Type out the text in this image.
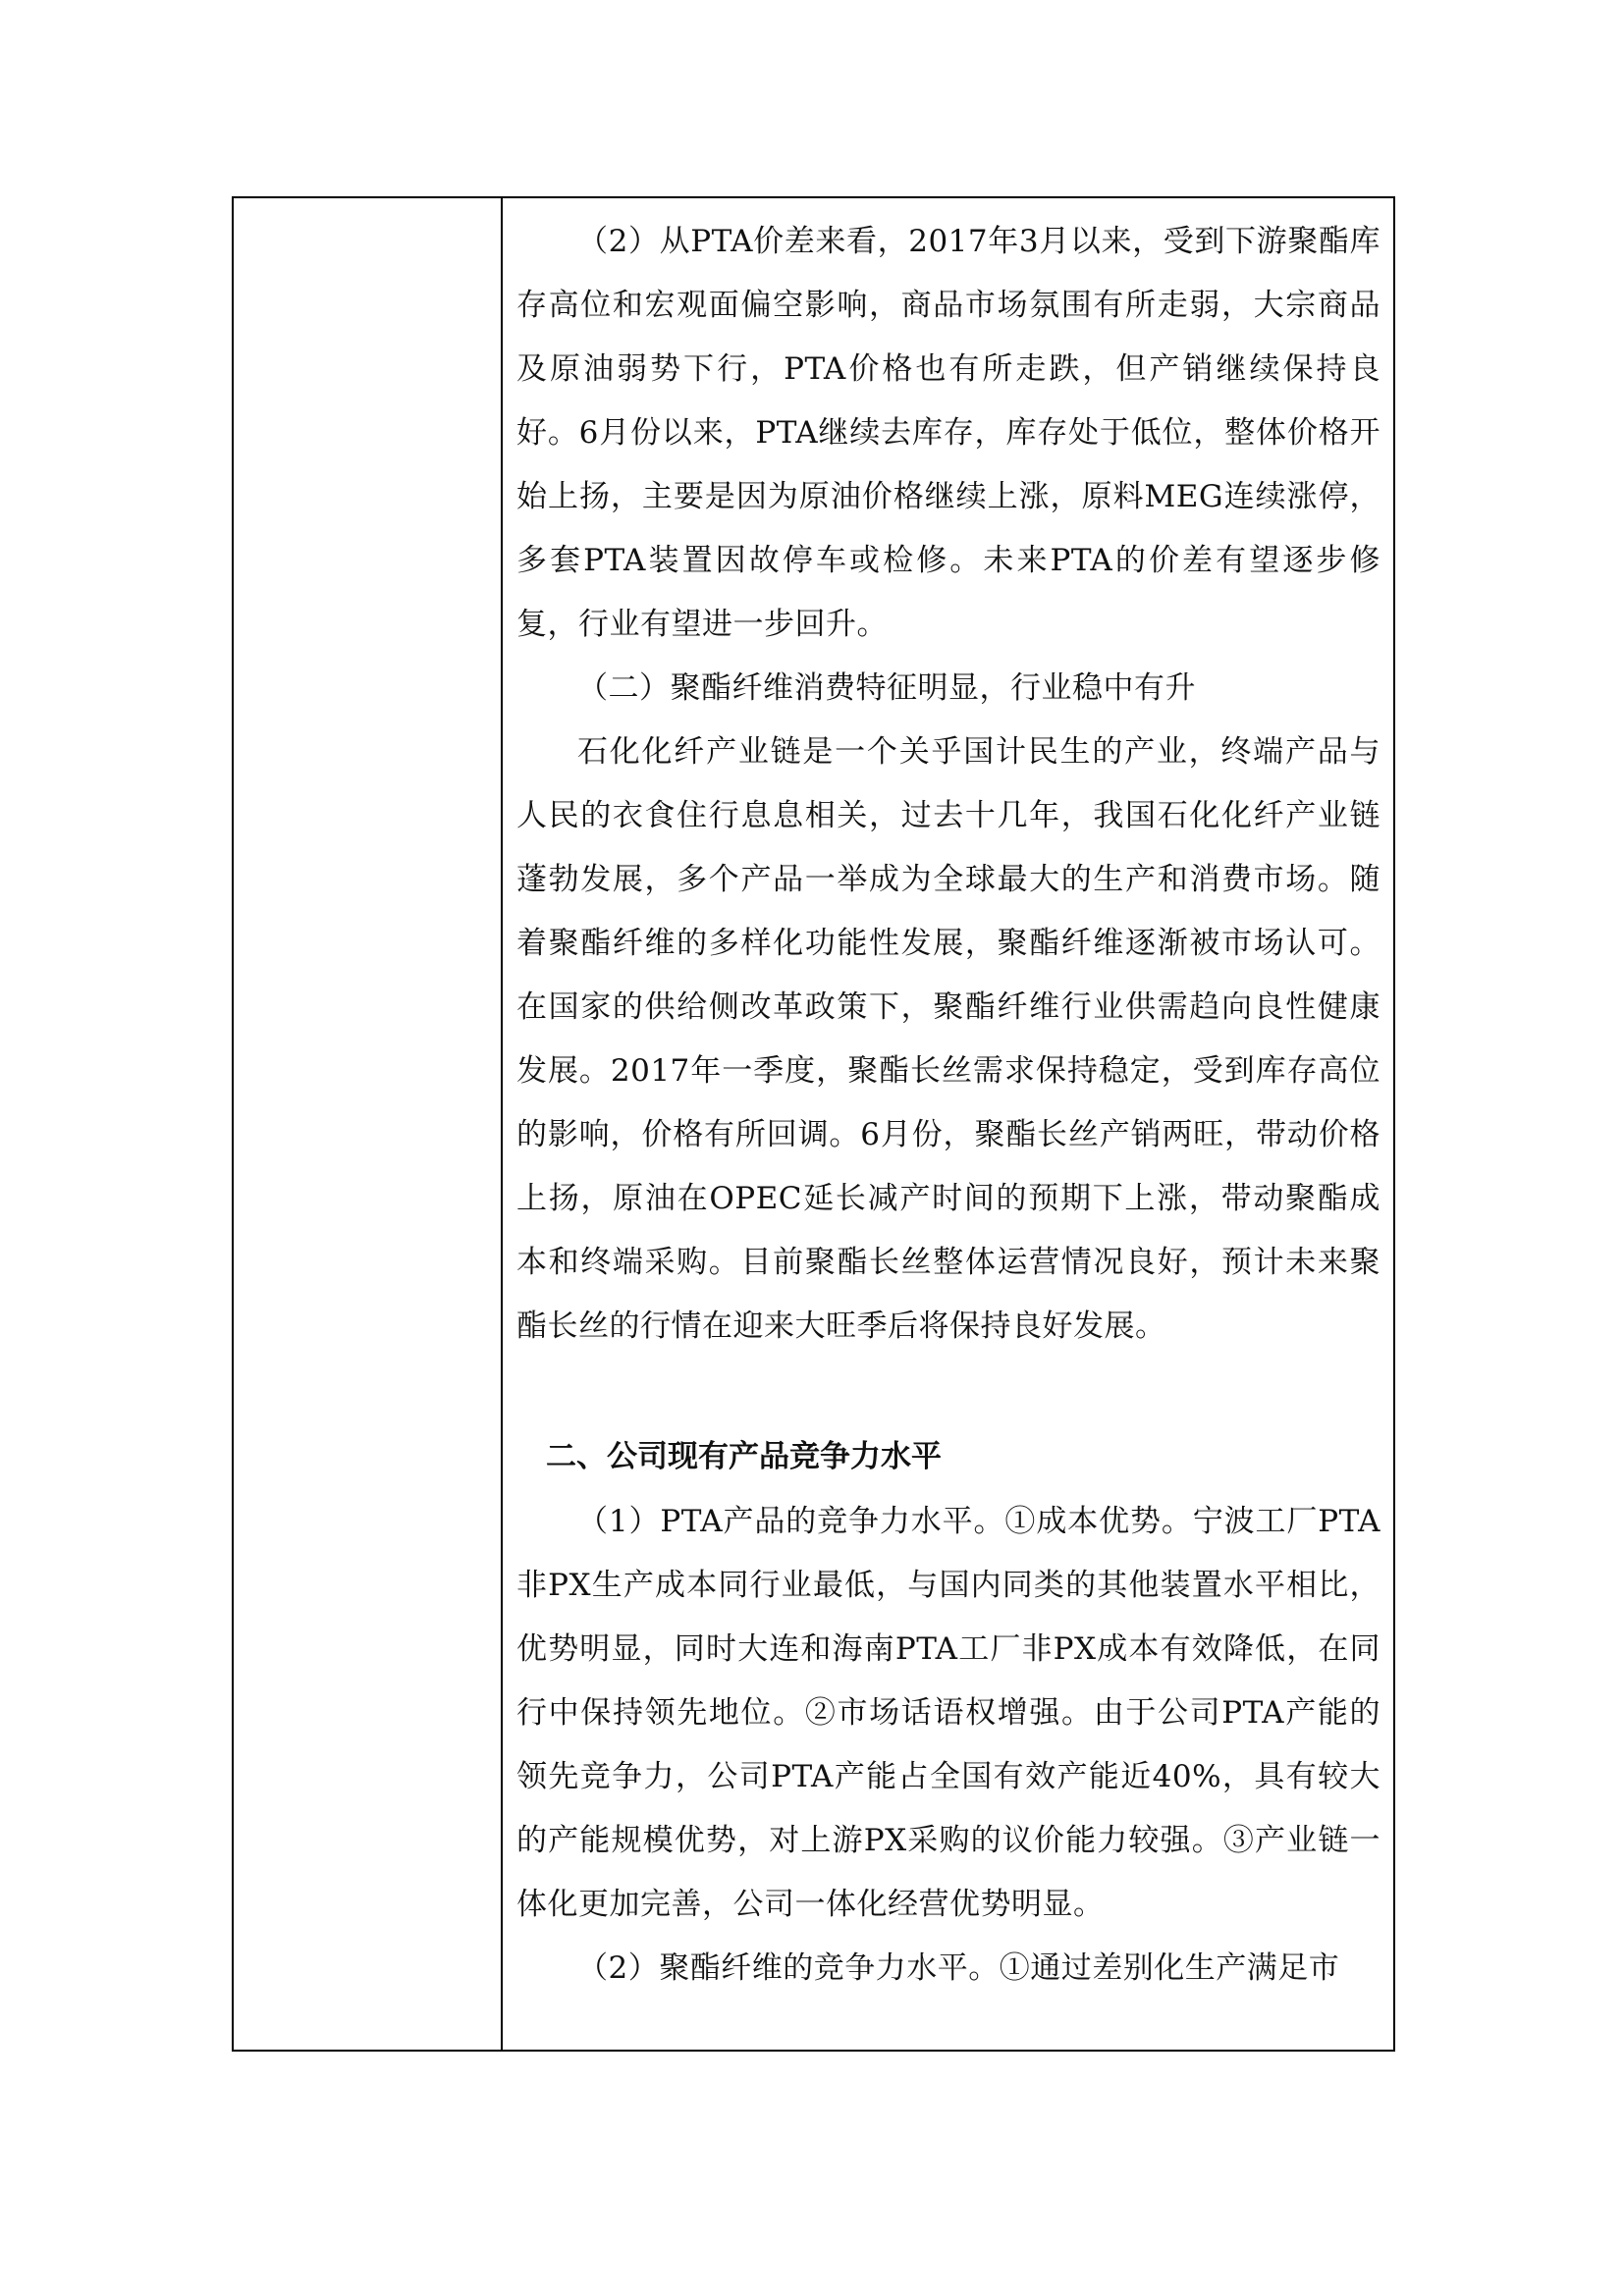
（2）从PTA价差来看，2017年3月以来，受到下游聚酯库存高位和宏观面偏空影响，商品市场氛围有所走弱，大宗商品及原油弱势下行，PTA价格也有所走跌，但产销继续保持良好。6月份以来，PTA继续去库存，库存处于低位，整体价格开始上扬，主要是因为原油价格继续上涨，原料MEG连续涨停，多套PTA装置因故停车或检修。未来PTA的价差有望逐步修复，行业有望进一步回升。

（二）聚酯纤维消费特征明显，行业稳中有升

石化化纤产业链是一个关乎国计民生的产业，终端产品与人民的衣食住行息息相关，过去十几年，我国石化化纤产业链蓬勃发展，多个产品一举成为全球最大的生产和消费市场。随着聚酯纤维的多样化功能性发展，聚酯纤维逐渐被市场认可。在国家的供给侧改革政策下，聚酯纤维行业供需趋向良性健康发展。2017年一季度，聚酯长丝需求保持稳定，受到库存高位的影响，价格有所回调。6月份，聚酯长丝产销两旺，带动价格上扬，原油在OPEC延长减产时间的预期下上涨，带动聚酯成本和终端采购。目前聚酯长丝整体运营情况良好，预计未来聚酯长丝的行情在迎来大旺季后将保持良好发展。

二、公司现有产品竞争力水平

（1）PTA产品的竞争力水平。①成本优势。宁波工厂PTA非PX生产成本同行业最低，与国内同类的其他装置水平相比，优势明显，同时大连和海南PTA工厂非PX成本有效降低，在同行中保持领先地位。②市场话语权增强。由于公司PTA产能的领先竞争力，公司PTA产能占全国有效产能近40%，具有较大的产能规模优势，对上游PX采购的议价能力较强。③产业链一体化更加完善，公司一体化经营优势明显。

（2）聚酯纤维的竞争力水平。①通过差别化生产满足市
